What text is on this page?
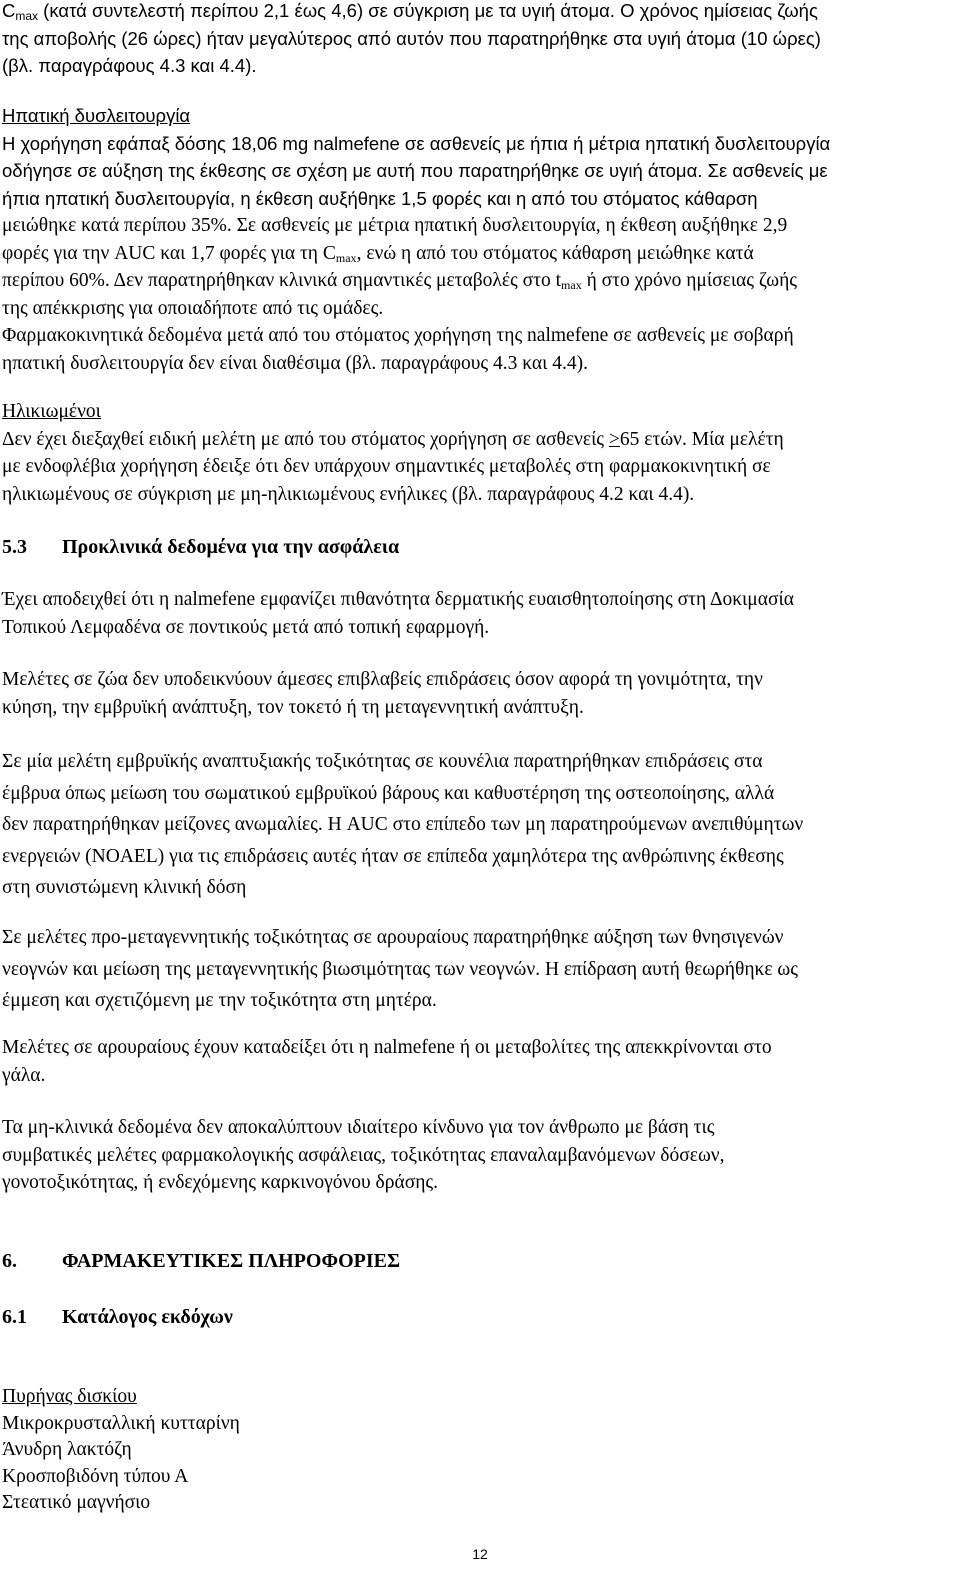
$C_{max}$ (κατά συντελεστή περίπου 2,1 έως 4,6) σε σύγκριση με τα υγιή άτομα. Ο χρόνος ημίσειας ζωής
της αποβολής (26 ώρες) ήταν μεγαλύτερος από αυτόν που παρατηρήθηκε στα υγιή άτομα (10 ώρες)
(βλ. παραγράφους 4.3 και 4.4).
Ηπατική δυσλειτουργία
Η χορήγηση εφάπαξ δόσης 18,06 mg nalmefene σε ασθενείς με ήπια ή μέτρια ηπατική δυσλειτουργία
οδήγησε σε αύξηση της έκθεσης σε σχέση με αυτή που παρατηρήθηκε σε υγιή άτομα. Σε ασθενείς με
ήπια ηπατική δυσλειτουργία, η έκθεση αυξήθηκε 1,5 φορές και η από του στόματος κάθαρση
μειώθηκε κατά περίπου 35%. Σε ασθενείς με μέτρια ηπατική δυσλειτουργία, η έκθεση αυξήθηκε 2,9
φορές για την AUC και 1,7 φορές για τη $C_{max}$, ενώ η από του στόματος κάθαρση μειώθηκε κατά
περίπου 60%. Δεν παρατηρήθηκαν κλινικά σημαντικές μεταβολές στο $t_{max}$ ή στο χρόνο ημίσειας ζωής
της απέκκρισης για οποιαδήποτε από τις ομάδες.
Φαρμακοκινητικά δεδομένα μετά από του στόματος χορήγηση της nalmefene σε ασθενείς με σοβαρή
ηπατική δυσλειτουργία δεν είναι διαθέσιμα (βλ. παραγράφους 4.3 και 4.4).
Ηλικιωμένοι
Δεν έχει διεξαχθεί ειδική μελέτη με από του στόματος χορήγηση σε ασθενείς >65 ετών. Μία μελέτη
με ενδοφλέβια χορήγηση έδειξε ότι δεν υπάρχουν σημαντικές μεταβολές στη φαρμακοκινητική σε
ηλικιωμένους σε σύγκριση με μη-ηλικιωμένους ενήλικες (βλ. παραγράφους 4.2 και 4.4).
5.3 Προκλινικά δεδομένα για την ασφάλεια
Έχει αποδειχθεί ότι η nalmefene εμφανίζει πιθανότητα δερματικής ευαισθητοποίησης στη Δοκιμασία
Τοπικού Λεμφαδένα σε ποντικούς μετά από τοπική εφαρμογή.
Μελέτες σε ζώα δεν υποδεικνύουν άμεσες επιβλαβείς επιδράσεις όσον αφορά τη γονιμότητα, την
κύηση, την εμβρυϊκή ανάπτυξη, τον τοκετό ή τη μεταγεννητική ανάπτυξη.
Σε μία μελέτη εμβρυϊκής αναπτυξιακής τοξικότητας σε κουνέλια παρατηρήθηκαν επιδράσεις στα
έμβρυα όπως μείωση του σωματικού εμβρυϊκού βάρους και καθυστέρηση της οστεοποίησης, αλλά
δεν παρατηρήθηκαν μείζονες ανωμαλίες. Η AUC στο επίπεδο των μη παρατηρούμενων ανεπιθύμητων
ενεργειών (NOAEL) για τις επιδράσεις αυτές ήταν σε επίπεδα χαμηλότερα της ανθρώπινης έκθεσης
στη συνιστώμενη κλινική δόση
Σε μελέτες προ-μεταγεννητικής τοξικότητας σε αρουραίους παρατηρήθηκε αύξηση των θνησιγενών
νεογνών και μείωση της μεταγεννητικής βιωσιμότητας των νεογνών. Η επίδραση αυτή θεωρήθηκε ως
έμμεση και σχετιζόμενη με την τοξικότητα στη μητέρα.
Μελέτες σε αρουραίους έχουν καταδείξει ότι η nalmefene ή οι μεταβολίτες της απεκκρίνονται στο
γάλα.
Τα μη-κλινικά δεδομένα δεν αποκαλύπτουν ιδιαίτερο κίνδυνο για τον άνθρωπο με βάση τις
συμβατικές μελέτες φαρμακολογικής ασφάλειας, τοξικότητας επαναλαμβανόμενων δόσεων,
γονοτοξικότητας, ή ενδεχόμενης καρκινογόνου δράσης.
6. ΦΑΡΜΑΚΕΥΤΙΚΕΣ ΠΛΗΡΟΦΟΡΙΕΣ
6.1 Κατάλογος εκδόχων
Πυρήνας δισκίου
Μικροκρυσταλλική κυτταρίνη
Άνυδρη λακτόζη
Κροσποβιδόνη τύπου Α
Στεατικό μαγνήσιο
12
